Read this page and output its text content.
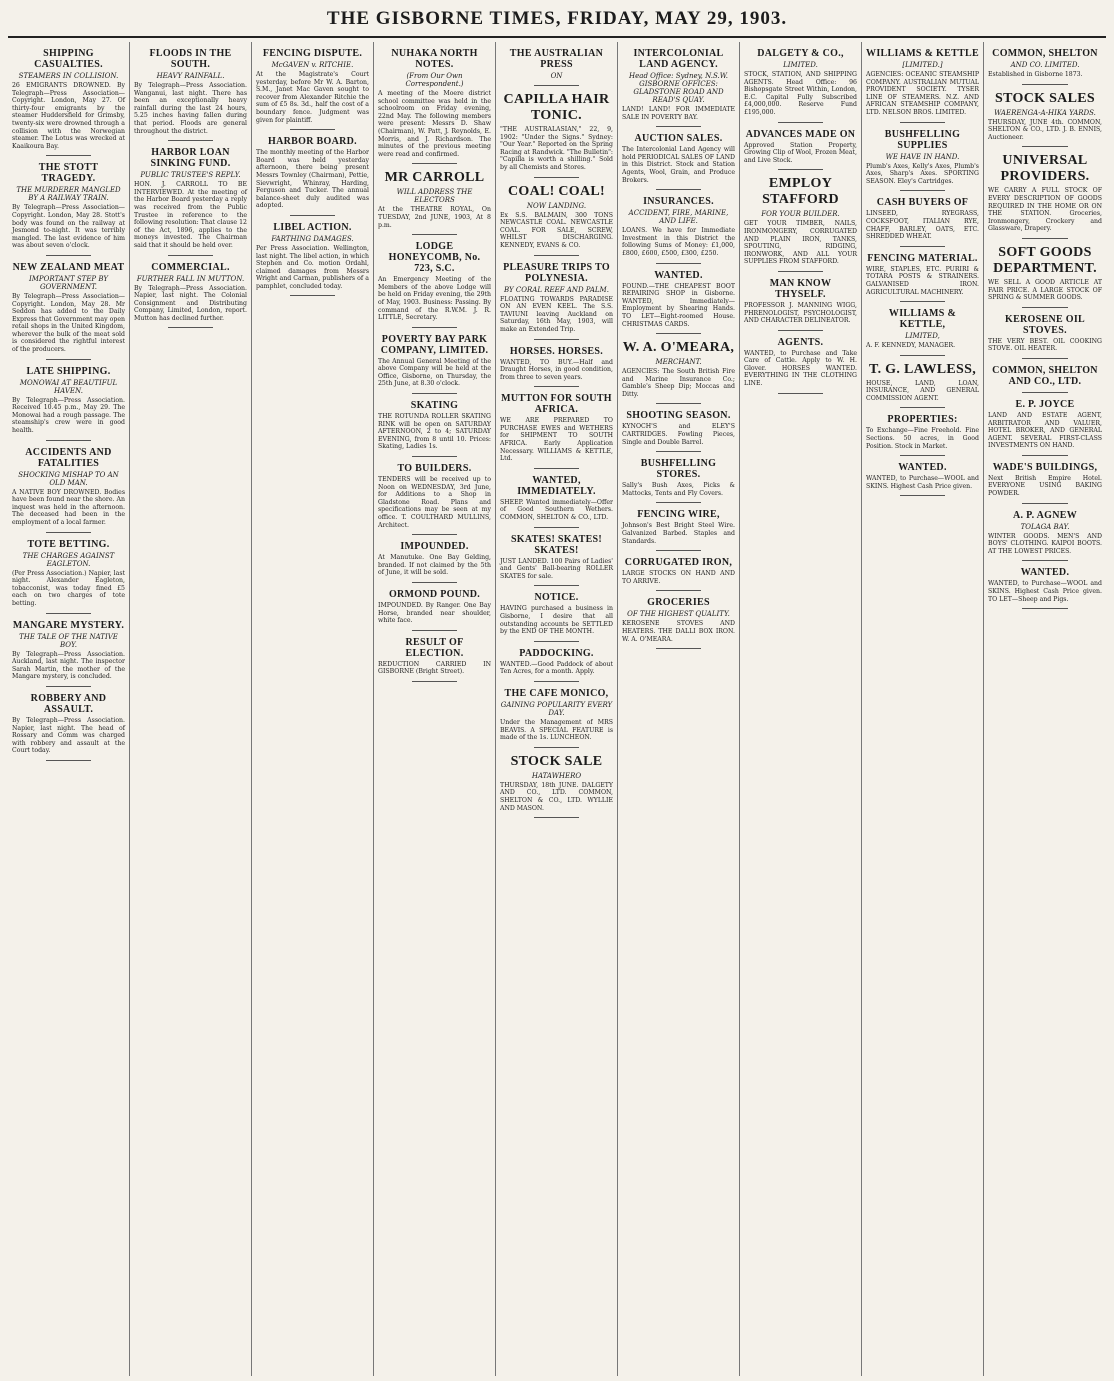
THE GISBORNE TIMES, FRIDAY, MAY 29, 1903.
SHIPPING CASUALTIES.
STEAMERS IN COLLISION.
26 EMIGRANTS DROWNED. By Telegraph—Press Association—Copyright. London, May 27. Of thirty-four emigrants by the steamer Huddersfield for Grimsby, twenty-six were drowned through a collision with the Norwegian steamer. The Lotus was wrecked at Kaaikoura Bay.
THE STOTT TRAGEDY.
THE MURDERER MANGLED BY A RAILWAY TRAIN.
By Telegraph—Press Association—Copyright. London, May 28. Stott's body was found on the railway at Jesmond to-night. It was terribly mangled. The last evidence of him was about seven o'clock.
NEW ZEALAND MEAT
IMPORTANT STEP BY GOVERNMENT.
By Telegraph—Press Association—Copyright. London, May 28. Mr Seddon has added to the Daily Express that Government may open retail shops in the United Kingdom, wherever the bulk of the meat sold is considered the rightful interest of the producers.
LATE SHIPPING.
MONOWAI AT BEAUTIFUL HAVEN.
By Telegraph—Press Association. Received 10.45 p.m., May 29. The Monowai had a rough passage. The steamship's crew were in good health.
ACCIDENTS AND FATALITIES
SHOCKING MISHAP TO AN OLD MAN.
A NATIVE BOY DROWNED. Bodies have been found near the shore. An inquest was held in the afternoon. The deceased had been in the employment of a local farmer.
TOTE BETTING.
THE CHARGES AGAINST EAGLETON.
(Per Press Association.) Napier, last night. Alexander Eagleton, tobacconist, was today fined £5 each on two charges of tote betting.
MANGARE MYSTERY.
THE TALE OF THE NATIVE BOY.
By Telegraph—Press Association. Auckland, last night. The inspector Sarah Martin, the mother of the Mangare mystery, is concluded.
ROBBERY AND ASSAULT.
By Telegraph—Press Association. Napier, last night. The head of Rossary and Comm was charged with robbery and assault at the Court today.
FLOODS IN THE SOUTH.
HEAVY RAINFALL.
By Telegraph—Press Association. Wanganui, last night. There has been an exceptionally heavy rainfall during the last 24 hours, 5.25 inches having fallen during that period. Floods are general throughout the district.
HARBOR LOAN SINKING FUND.
PUBLIC TRUSTEE'S REPLY.
HON. J. CARROLL TO BE INTERVIEWED. At the meeting of the Harbor Board yesterday a reply was received from the Public Trustee in reference to the following resolution: That clause 12 of the Act, 1896, applies to the moneys invested. The Chairman said that it should be held over.
COMMERCIAL.
FURTHER FALL IN MUTTON.
By Telegraph—Press Association. Napier, last night. The Colonial Consignment and Distributing Company, Limited, London, report. Mutton has declined further.
FENCING DISPUTE.
McGAVEN v. RITCHIE.
At the Magistrate's Court yesterday, before Mr W. A. Barton, S.M., Janet Mac Gaven sought to recover from Alexander Ritchie the sum of £5 8s. 3d., half the cost of a boundary fence. Judgment was given for plaintiff.
HARBOR BOARD.
The monthly meeting of the Harbor Board was held yesterday afternoon, there being present Messrs Townley (Chairman), Pettie, Sievwright, Whinray, Harding, Ferguson and Tucker. The annual balance-sheet duly audited was adopted.
LIBEL ACTION.
FARTHING DAMAGES.
Per Press Association. Wellington, last night. The libel action, in which Stephen and Co. motion Ordahl, claimed damages from Messrs Wright and Carman, publishers of a pamphlet, concluded today.
NUHAKA NORTH NOTES.
(From Our Own Correspondent.)
A meeting of the Moere district school committee was held in the schoolroom on Friday evening, 22nd May. The following members were present: Messrs D. Shaw (Chairman), W. Patt, J. Reynolds, E. Morris, and J. Richardson. The minutes of the previous meeting were read and confirmed.
MR CARROLL
WILL ADDRESS THE ELECTORS
At the THEATRE ROYAL, On TUESDAY, 2nd JUNE, 1903, At 8 p.m.
LODGE HONEYCOMB, No. 723, S.C.
An Emergency Meeting of the Members of the above Lodge will be held on Friday evening, the 29th of May, 1903. Business: Passing. By command of the R.W.M. J. R. LITTLE, Secretary.
POVERTY BAY PARK COMPANY, LIMITED.
The Annual General Meeting of the above Company will be held at the Office, Gisborne, on Thursday, the 25th June, at 8.30 o'clock.
SKATING
THE ROTUNDA ROLLER SKATING RINK will be open on SATURDAY AFTERNOON, 2 to 4; SATURDAY EVENING, from 8 until 10. Prices: Skating, Ladies 1s.
TO BUILDERS.
TENDERS will be received up to Noon on WEDNESDAY, 3rd June, for Additions to a Shop in Gladstone Road. Plans and specifications may be seen at my office. T. COULTHARD MULLINS, Architect.
IMPOUNDED.
At Manutuke. One Bay Gelding, branded. If not claimed by the 5th of June, it will be sold.
ORMOND POUND.
IMPOUNDED. By Ranger. One Bay Horse, branded near shoulder, white face.
RESULT OF ELECTION.
REDUCTION CARRIED IN GISBORNE (Bright Street).
THE AUSTRALIAN PRESS
ON
CAPILLA HAIR TONIC.
"THE AUSTRALASIAN," 22, 9, 1902: "Under the Signs." Sydney: "Our Year." Reported on the Spring Racing at Randwick. "The Bulletin": "Capilla is worth a shilling." Sold by all Chemists and Stores.
COAL! COAL!
NOW LANDING.
Ex S.S. BALMAIN, 300 TONS NEWCASTLE COAL. NEWCASTLE COAL. FOR SALE, SCREW, WHILST DISCHARGING. KENNEDY, EVANS & CO.
PLEASURE TRIPS TO POLYNESIA.
BY CORAL REEF AND PALM.
FLOATING TOWARDS PARADISE ON AN EVEN KEEL. The S.S. TAVIUNI leaving Auckland on Saturday, 16th May, 1903, will make an Extended Trip.
HORSES. HORSES.
WANTED, TO BUY.—Half and Draught Horses, in good condition, from three to seven years.
MUTTON FOR SOUTH AFRICA.
WE ARE PREPARED TO PURCHASE EWES and WETHERS for SHIPMENT TO SOUTH AFRICA. Early Application Necessary. WILLIAMS & KETTLE, Ltd.
WANTED, IMMEDIATELY.
SHEEP. Wanted immediately—Offer of Good Southern Wethers. COMMON, SHELTON & CO., LTD.
SKATES! SKATES! SKATES!
JUST LANDED. 100 Pairs of Ladies' and Gents' Ball-bearing ROLLER SKATES for sale.
NOTICE.
HAVING purchased a business in Gisborne, I desire that all outstanding accounts be SETTLED by the END OF THE MONTH.
PADDOCKING.
WANTED.—Good Paddock of about Ten Acres, for a month. Apply.
THE CAFE MONICO,
GAINING POPULARITY EVERY DAY.
Under the Management of MRS BEAVIS. A SPECIAL FEATURE is made of the 1s. LUNCHEON.
STOCK SALE
HATAWHERO
THURSDAY, 18th JUNE. DALGETY AND CO., LTD. COMMON, SHELTON & CO., LTD. WYLLIE AND MASON.
INTERCOLONIAL LAND AGENCY.
Head Office: Sydney, N.S.W. GISBORNE OFFICES: GLADSTONE ROAD AND READ'S QUAY.
LAND! LAND! FOR IMMEDIATE SALE IN POVERTY BAY.
AUCTION SALES.
The Intercolonial Land Agency will hold PERIODICAL SALES OF LAND in this District. Stock and Station Agents, Wool, Grain, and Produce Brokers.
INSURANCES.
ACCIDENT, FIRE, MARINE, AND LIFE.
LOANS. We have for Immediate Investment in this District the following Sums of Money: £1,000, £800, £600, £500, £300, £250.
WANTED.
FOUND.—THE CHEAPEST BOOT REPAIRING SHOP in Gisborne. WANTED, Immediately—Employment by Shearing Hands. TO LET—Eight-roomed House. CHRISTMAS CARDS.
W. A. O'MEARA,
MERCHANT.
AGENCIES: The South British Fire and Marine Insurance Co.; Gamble's Sheep Dip; Moccas and Ditty.
SHOOTING SEASON.
KYNOCH'S and ELEY'S CARTRIDGES. Fowling Pieces, Single and Double Barrel.
BUSHFELLING STORES.
Sally's Bush Axes, Picks & Mattocks, Tents and Fly Covers.
FENCING WIRE,
Johnson's Best Bright Steel Wire. Galvanized Barbed. Staples and Standards.
CORRUGATED IRON,
LARGE STOCKS ON HAND AND TO ARRIVE.
GROCERIES
OF THE HIGHEST QUALITY.
KEROSENE STOVES AND HEATERS. THE DALLI BOX IRON. W. A. O'MEARA.
DALGETY & CO.,
LIMITED.
STOCK, STATION, AND SHIPPING AGENTS. Head Office: 96 Bishopsgate Street Within, London, E.C. Capital Fully Subscribed £4,000,000. Reserve Fund £195,000.
ADVANCES MADE ON
Approved Station Property, Growing Clip of Wool, Frozen Meat, and Live Stock.
EMPLOY STAFFORD
FOR YOUR BUILDER.
GET YOUR TIMBER, NAILS, IRONMONGERY, CORRUGATED AND PLAIN IRON, TANKS, SPOUTING, RIDGING, IRONWORK, AND ALL YOUR SUPPLIES FROM STAFFORD.
MAN KNOW THYSELF.
PROFESSOR J. MANNING WIGG, PHRENOLOGIST, PSYCHOLOGIST, AND CHARACTER DELINEATOR.
AGENTS.
WANTED, to Purchase and Take Care of Cattle. Apply to W. H. Glover. HORSES WANTED. EVERYTHING IN THE CLOTHING LINE.
WILLIAMS & KETTLE
[LIMITED.]
AGENCIES: OCEANIC STEAMSHIP COMPANY. AUSTRALIAN MUTUAL PROVIDENT SOCIETY. TYSER LINE OF STEAMERS. N.Z. AND AFRICAN STEAMSHIP COMPANY, LTD. NELSON BROS. LIMITED.
BUSHFELLING SUPPLIES
WE HAVE IN HAND.
Plumb's Axes, Kelly's Axes, Plumb's Axes, Sharp's Axes. SPORTING SEASON. Eley's Cartridges.
CASH BUYERS OF
LINSEED, RYEGRASS, COCKSFOOT, ITALIAN RYE, CHAFF, BARLEY, OATS, ETC. SHREDDED WHEAT.
FENCING MATERIAL.
WIRE, STAPLES, ETC. PURIRI & TOTARA POSTS & STRAINERS. GALVANISED IRON. AGRICULTURAL MACHINERY.
WILLIAMS & KETTLE,
LIMITED,
A. F. KENNEDY, MANAGER.
T. G. LAWLESS,
HOUSE, LAND, LOAN, INSURANCE, AND GENERAL COMMISSION AGENT.
PROPERTIES:
To Exchange—Fine Freehold. Fine Sections. 50 acres, in Good Position. Stock in Market.
WANTED.
WANTED, to Purchase—WOOL and SKINS. Highest Cash Price given.
COMMON, SHELTON
AND CO. LIMITED.
Established in Gisborne 1873.
STOCK SALES
WAERENGA-A-HIKA YARDS.
THURSDAY, JUNE 4th. COMMON, SHELTON & CO., LTD. J. B. ENNIS, Auctioneer.
UNIVERSAL PROVIDERS.
WE CARRY A FULL STOCK OF EVERY DESCRIPTION OF GOODS REQUIRED IN THE HOME OR ON THE STATION. Groceries, Ironmongery, Crockery and Glassware, Drapery.
SOFT GOODS DEPARTMENT.
WE SELL A GOOD ARTICLE AT FAIR PRICE. A LARGE STOCK OF SPRING & SUMMER GOODS.
KEROSENE OIL STOVES.
THE VERY BEST. OIL COOKING STOVE. OIL HEATER.
COMMON, SHELTON AND CO., LTD.
E. P. JOYCE
LAND AND ESTATE AGENT, ARBITRATOR AND VALUER, HOTEL BROKER, AND GENERAL AGENT. SEVERAL FIRST-CLASS INVESTMENTS ON HAND.
WADE'S BUILDINGS,
Next British Empire Hotel. EVERYONE USING BAKING POWDER.
A. P. AGNEW
TOLAGA BAY.
WINTER GOODS. MEN'S AND BOYS' CLOTHING. KAIPOI BOOTS. AT THE LOWEST PRICES.
WANTED.
WANTED, to Purchase—WOOL and SKINS. Highest Cash Price given. TO LET—Sheep and Pigs.
